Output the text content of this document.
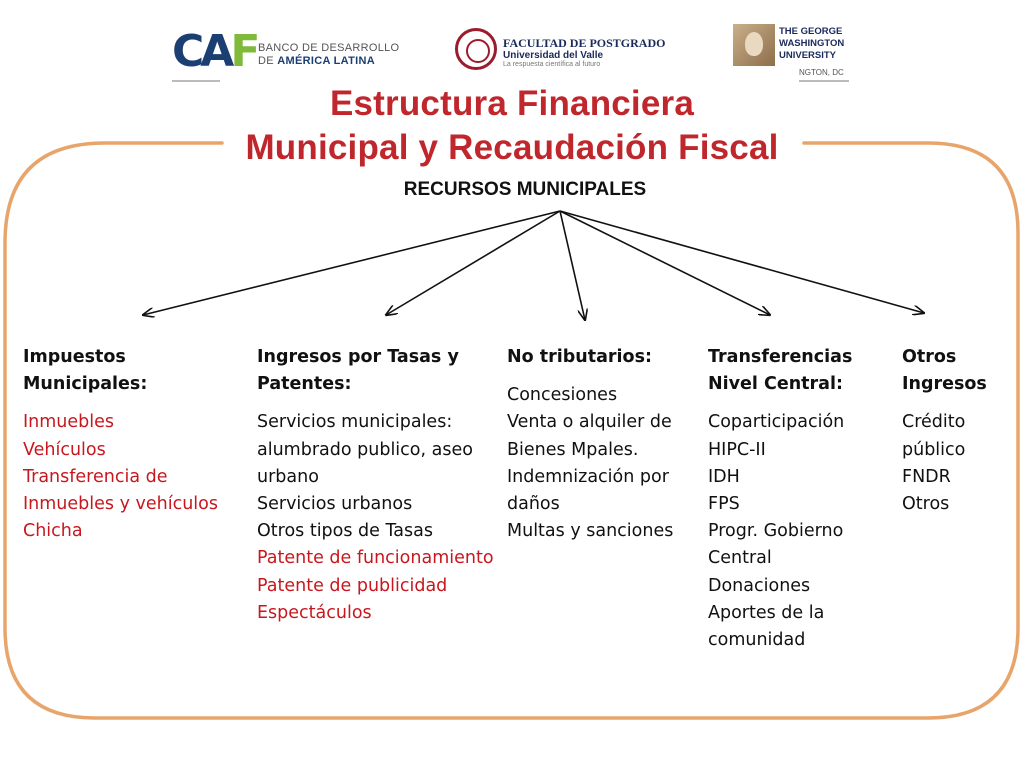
CAF BANCO DE DESARROLLO
DE AMÉRICA LATINA
FACULTAD DE POSTGRADO
Universidad del Valle
La respuesta científica al futuro
THE GEORGE
WASHINGTON
UNIVERSITY
NGTON, DC
Estructura Financiera
Municipal y Recaudación Fiscal
RECURSOS MUNICIPALES
Impuestos Municipales:
Inmuebles
Vehículos
Transferencia de Inmuebles y vehículos
Chicha
Ingresos por Tasas y Patentes:
Servicios municipales: alumbrado publico, aseo urbano
Servicios urbanos
Otros tipos de Tasas
Patente de funcionamiento Patente de publicidad
Espectáculos
No tributarios:
Concesiones
Venta o alquiler de Bienes Mpales.
Indemnización por daños
Multas y sanciones
Transferencias Nivel Central:
Coparticipación
HIPC-II
IDH
FPS
Progr. Gobierno Central
Donaciones
Aportes de la comunidad
Otros Ingresos
Crédito público
FNDR
Otros
